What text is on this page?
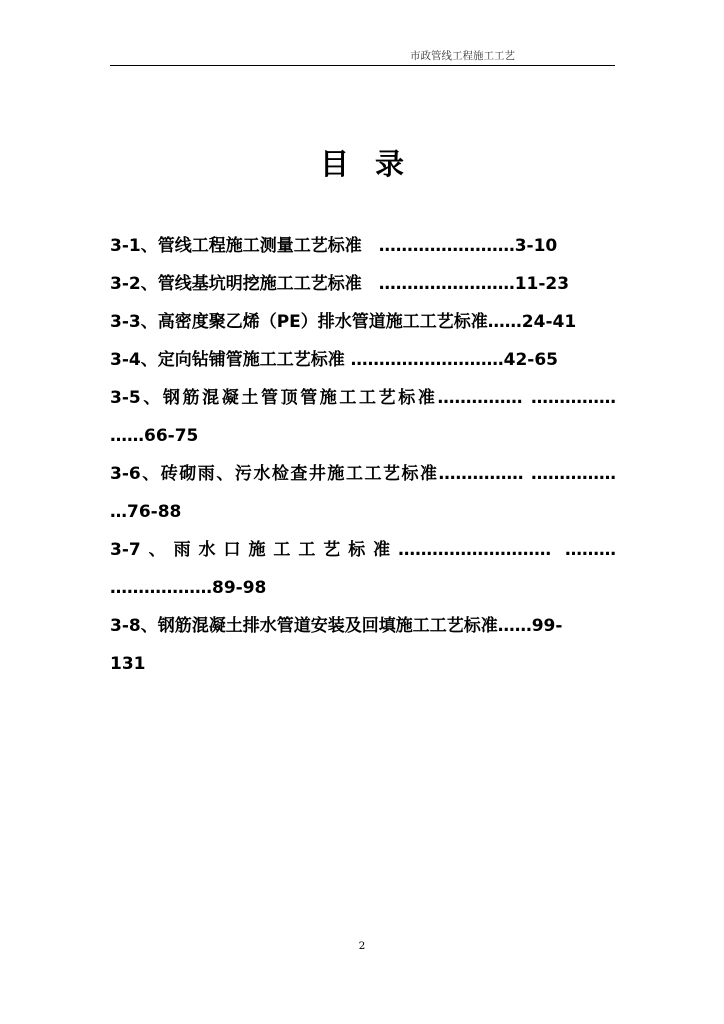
市政管线工程施工工艺
目录
3-1、管线工程施工测量工艺标准　……………………3-10
3-2、管线基坑明挖施工工艺标准　……………………11-23
3-3、高密度聚乙烯（PE）排水管道施工工艺标准……24-41
3-4、定向钻铺管施工工艺标准 ………………………42-65
3-5、钢筋混凝土管顶管施工工艺标准…………… ……………
……66-75
3-6、砖砌雨、污水检查井施工工艺标准…………… ……………
…76-88
3-7、雨水口施工工艺标准……………………… ………
………………89-98
3-8、钢筋混凝土排水管道安装及回填施工工艺标准……99-
131
2
